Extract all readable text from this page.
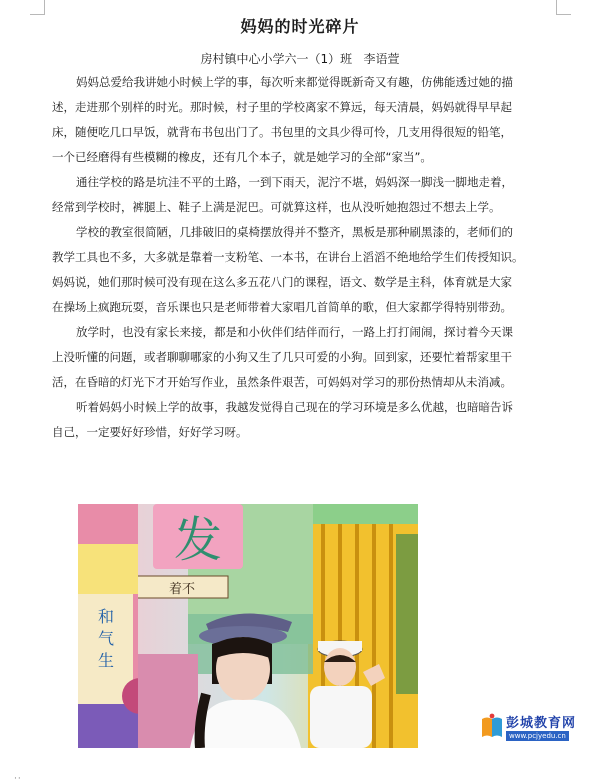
妈妈的时光碎片
房村镇中心小学六一（1）班   李语萱
妈妈总爱给我讲她小时候上学的事，每次听来都觉得既新奇又有趣，仿佛能透过她的描
述，走进那个别样的时光。那时候，村子里的学校离家不算远，每天清晨，妈妈就得早早起
床，随便吃几口早饭，就背布书包出门了。书包里的文具少得可怜，几支用得很短的铅笔，
一个已经磨得有些模糊的橡皮，还有几个本子，就是她学习的全部“家当”。
通往学校的路是坑洼不平的土路，一到下雨天，泥泞不堪，妈妈深一脚浅一脚地走着，
经常到学校时，裤腿上、鞋子上满是泥巴。可就算这样，也从没听她抱怨过不想去上学。
学校的教室很简陋，几排破旧的桌椅摆放得并不整齐，黑板是那种刷黑漆的，老师们的
教学工具也不多，大多就是靠着一支粉笔、一本书，在讲台上滔滔不绝地给学生们传授知识。
妈妈说，她们那时候可没有现在这么多五花八门的课程，语文、数学是主科，体育就是大家
在操场上疯跑玩耍，音乐课也只是老师带着大家唱几首简单的歌，但大家都学得特别带劲。
放学时，也没有家长来接，都是和小伙伴们结伴而行，一路上打打闹闹，探讨着今天课
上没听懂的问题，或者聊聊哪家的小狗又生了几只可爱的小狗。回到家，还要忙着帮家里干
活，在昏暗的灯光下才开始写作业，虽然条件艰苦，可妈妈对学习的那份热情却从未消减。
听着妈妈小时候上学的故事，我越发觉得自己现在的学习环境是多么优越，也暗暗告诉
自己，一定要好好珍惜，好好学习呀。
发
着不
和气生
彭城教育网
www.pcjyedu.cn
··
